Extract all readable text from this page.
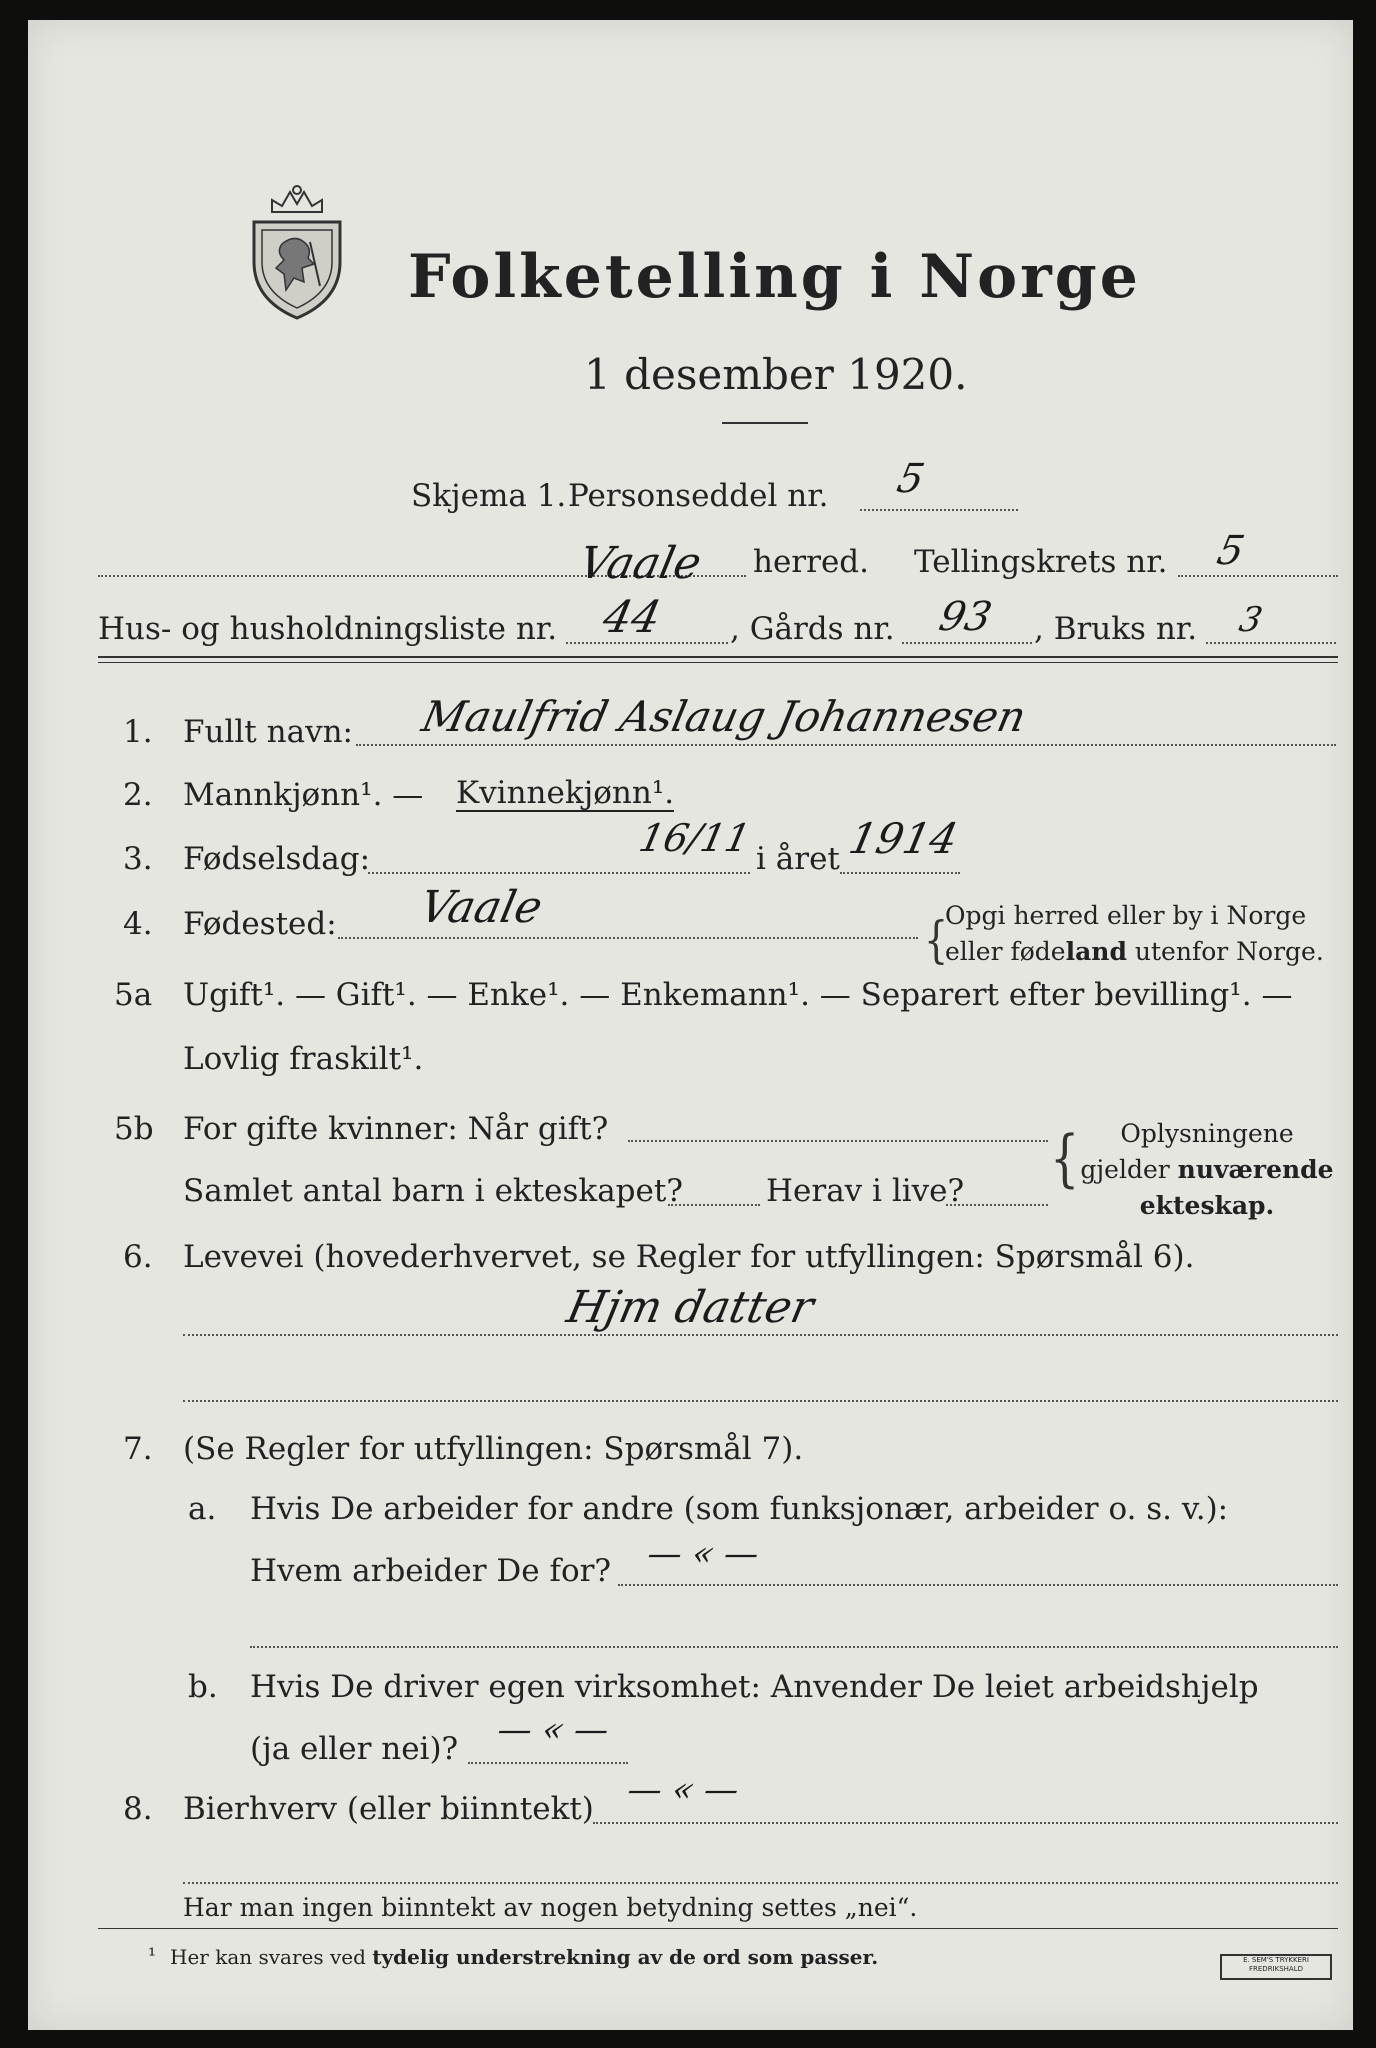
Folketelling i Norge
1 desember 1920.
Skjema 1. Personseddel nr. 5
Vaale herred. Tellingskrets nr. 5
Hus- og husholdningsliste nr. 44 , Gårds nr. 93 , Bruks nr. 3
1. Fullt navn: Maulfrid Aslaug Johannesen
2. Mannkjønn¹. — Kvinnekjønn¹.
3. Fødselsdag:	16/11 i året 1914
4. Fødested: Vaale
{
Opgi herred eller by i Norge
eller fødeland utenfor Norge.
5a Ugift¹. — Gift¹. — Enke¹. — Enkemann¹. — Separert efter bevilling¹. —
Lovlig fraskilt¹.
5b For gifte kvinner: Når gift?
Samlet antal barn i ekteskapet?	Herav i live? {	Oplysningene
gjelder nuværende
ekteskap.
6. Levevei (hovederhvervet, se Regler for utfyllingen: Spørsmål 6).
Hjm datter
7. (Se Regler for utfyllingen: Spørsmål 7).
a. Hvis De arbeider for andre (som funksjonær, arbeider o. s. v.):
Hvem arbeider De for? — « —
b. Hvis De driver egen virksomhet: Anvender De leiet arbeidshjelp
(ja eller nei)? — « —
8. Bierhverv (eller biinntekt) — « —
Har man ingen biinntekt av nogen betydning settes „nei“.
¹ Her kan svares ved tydelig understrekning av de ord som passer.	E. SEM'S TRYKKERI
FREDRIKSHALD
